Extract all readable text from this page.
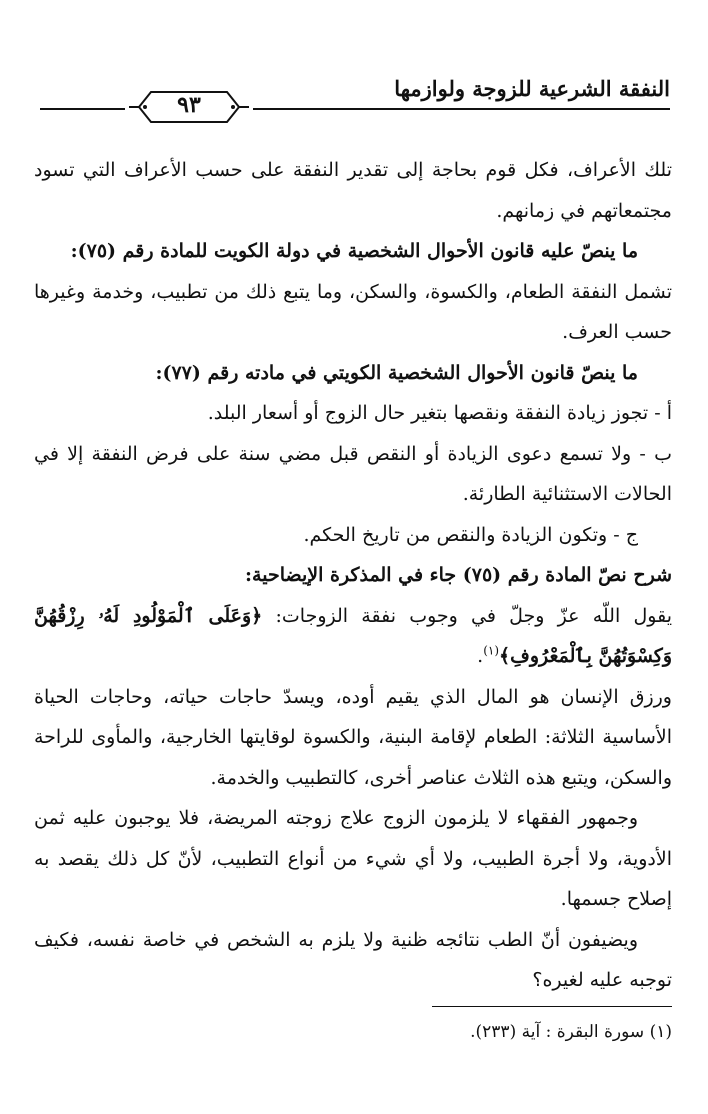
النفقة الشرعية للزوجة ولوازمها
٩٣

تلك الأعراف، فكل قوم بحاجة إلى تقدير النفقة على حسب الأعراف التي تسود مجتمعاتهم في زمانهم.

ما ينصّ عليه قانون الأحوال الشخصية في دولة الكويت للمادة رقم (٧٥):

تشمل النفقة الطعام، والكسوة، والسكن، وما يتبع ذلك من تطبيب، وخدمة وغيرها حسب العرف.

ما ينصّ قانون الأحوال الشخصية الكويتي في مادته رقم (٧٧):

أ - تجوز زيادة النفقة ونقصها بتغير حال الزوج أو أسعار البلد.

ب - ولا تسمع دعوى الزيادة أو النقص قبل مضي سنة على فرض النفقة إلا في الحالات الاستثنائية الطارئة.

ج - وتكون الزيادة والنقص من تاريخ الحكم.

شرح نصّ المادة رقم (٧٥) جاء في المذكرة الإيضاحية:

يقول اللّه عزّ وجلّ في وجوب نفقة الزوجات: ﴿وَعَلَى ٱلْمَوْلُودِ لَهُۥ رِزْقُهُنَّ وَكِسْوَتُهُنَّ بِٱلْمَعْرُوفِ﴾$^{(١)}$.

ورزق الإنسان هو المال الذي يقيم أوده، ويسدّ حاجات حياته، وحاجات الحياة الأساسية الثلاثة: الطعام لإقامة البنية، والكسوة لوقايتها الخارجية، والمأوى للراحة والسكن، ويتبع هذه الثلاث عناصر أخرى، كالتطبيب والخدمة.

وجمهور الفقهاء لا يلزمون الزوج علاج زوجته المريضة، فلا يوجبون عليه ثمن الأدوية، ولا أجرة الطبيب، ولا أي شيء من أنواع التطبيب، لأنّ كل ذلك يقصد به إصلاح جسمها.

ويضيفون أنّ الطب نتائجه ظنية ولا يلزم به الشخص في خاصة نفسه، فكيف توجبه عليه لغيره؟

(١) سورة البقرة : آية (٢٣٣).
